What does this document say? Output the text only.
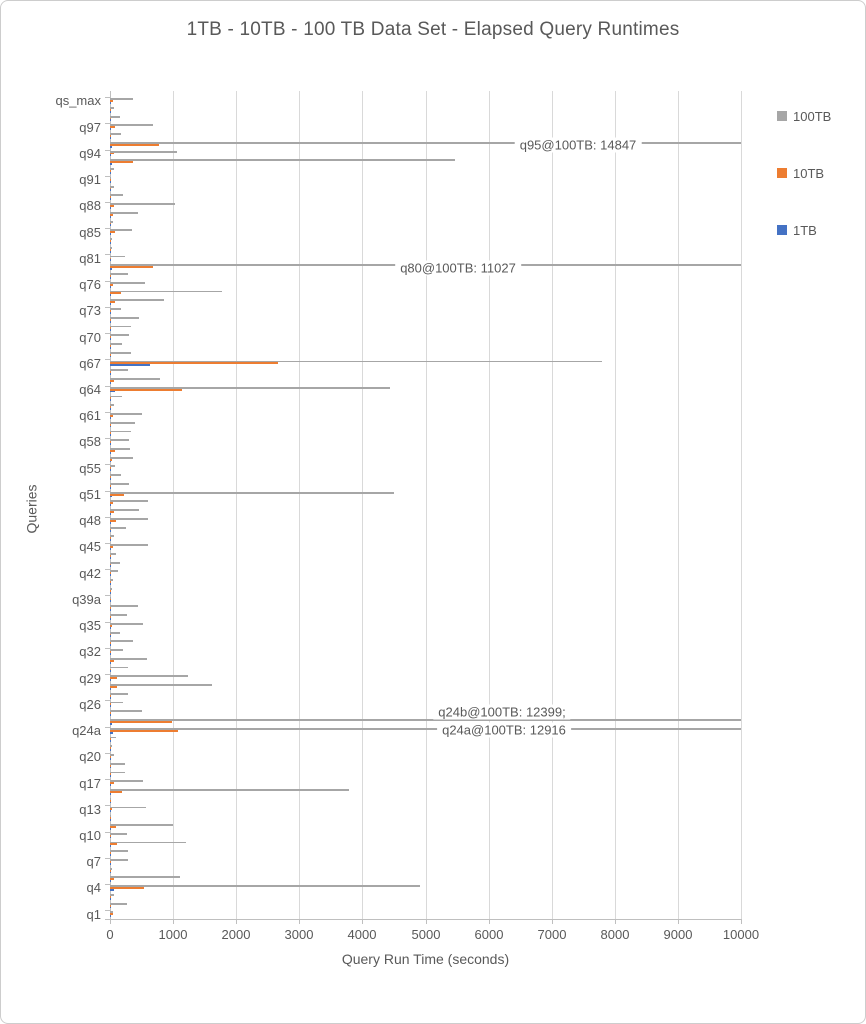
1TB - 10TB - 100 TB Data Set - Elapsed Query Runtimes
0	1000	2000	3000	4000	5000	6000	7000	8000	9000 10000
qs_max
q97
q94
q91
q88
q85
q81
q76
q73
q70
q67
q64
q61
q58
q55
q51
q48
q45
q42
q39a
q35
q32
q29
q26
q24a
q20
q17
q13
q10
q7
q4
q1
q95@100TB: 14847
q80@100TB: 11027
q24b@100TB: 12399;
q24a@100TB: 12916
Query Run Time (seconds)
Queries
100TB
10TB
1TB
